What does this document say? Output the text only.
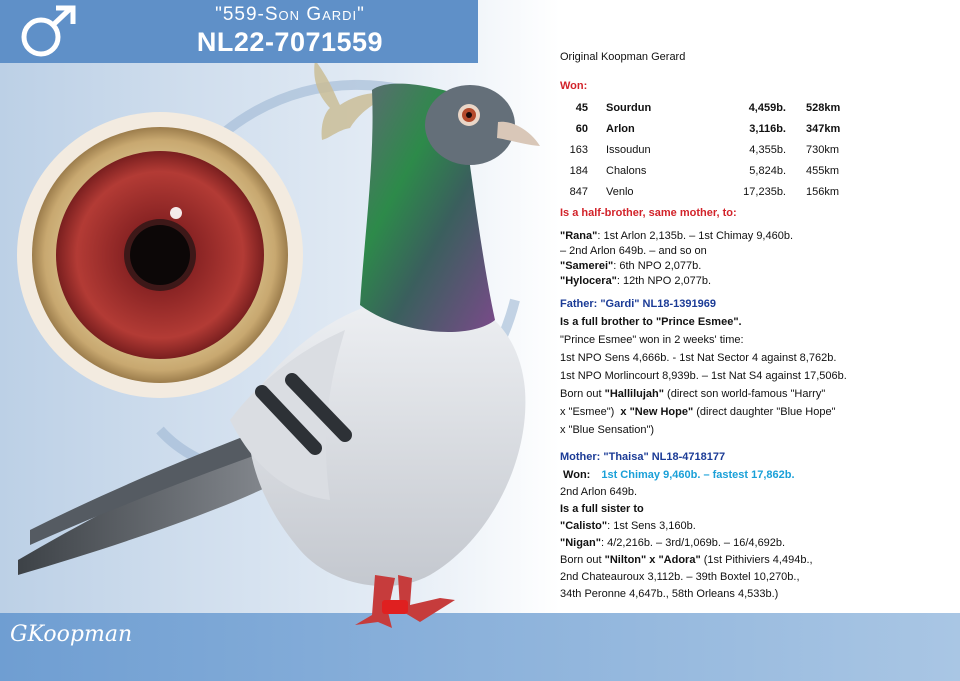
"559-Son Gardi"
NL22-7071559	Original Koopman Gerard

Won:

45		Sourdun	4,459b.		528km
60		Arlon	3,116b.		347km
163		Issoudun	4,355b.		730km
184		Chalons	5,824b.		455km
847		Venlo	17,235b.		156km

Is a half-brother, same mother, to:

"Rana": 1st Arlon 2,135b. – 1st Chimay 9,460b.

– 2nd Arlon 649b. – and so on

"Samerei": 6th NPO 2,077b.

"Hylocera": 12th NPO 2,077b.

Father: "Gardi" NL18-1391969

Is a full brother to "Prince Esmee".

"Prince Esmee" won in 2 weeks' time:

1st NPO Sens 4,666b. - 1st Nat Sector 4 against 8,762b.

1st NPO Morlincourt 8,939b. – 1st Nat S4 against 17,506b.

Born out "Hallilujah" (direct son world-famous "Harry"

x "Esmee")  x "New Hope" (direct daughter "Blue Hope"

x "Blue Sensation")

Mother: "Thaisa" NL18-4718177

Won: 1st Chimay 9,460b. – fastest 17,862b.

2nd Arlon 649b.

Is a full sister to

"Calisto": 1st Sens 3,160b.

"Nigan": 4/2,216b. – 3rd/1,069b. – 16/4,692b.

Born out "Nilton" x "Adora" (1st Pithiviers 4,494b.,

2nd Chateauroux 3,112b. – 39th Boxtel 10,270b.,

34th Peronne 4,647b., 58th Orleans 4,533b.)

GKoopman
